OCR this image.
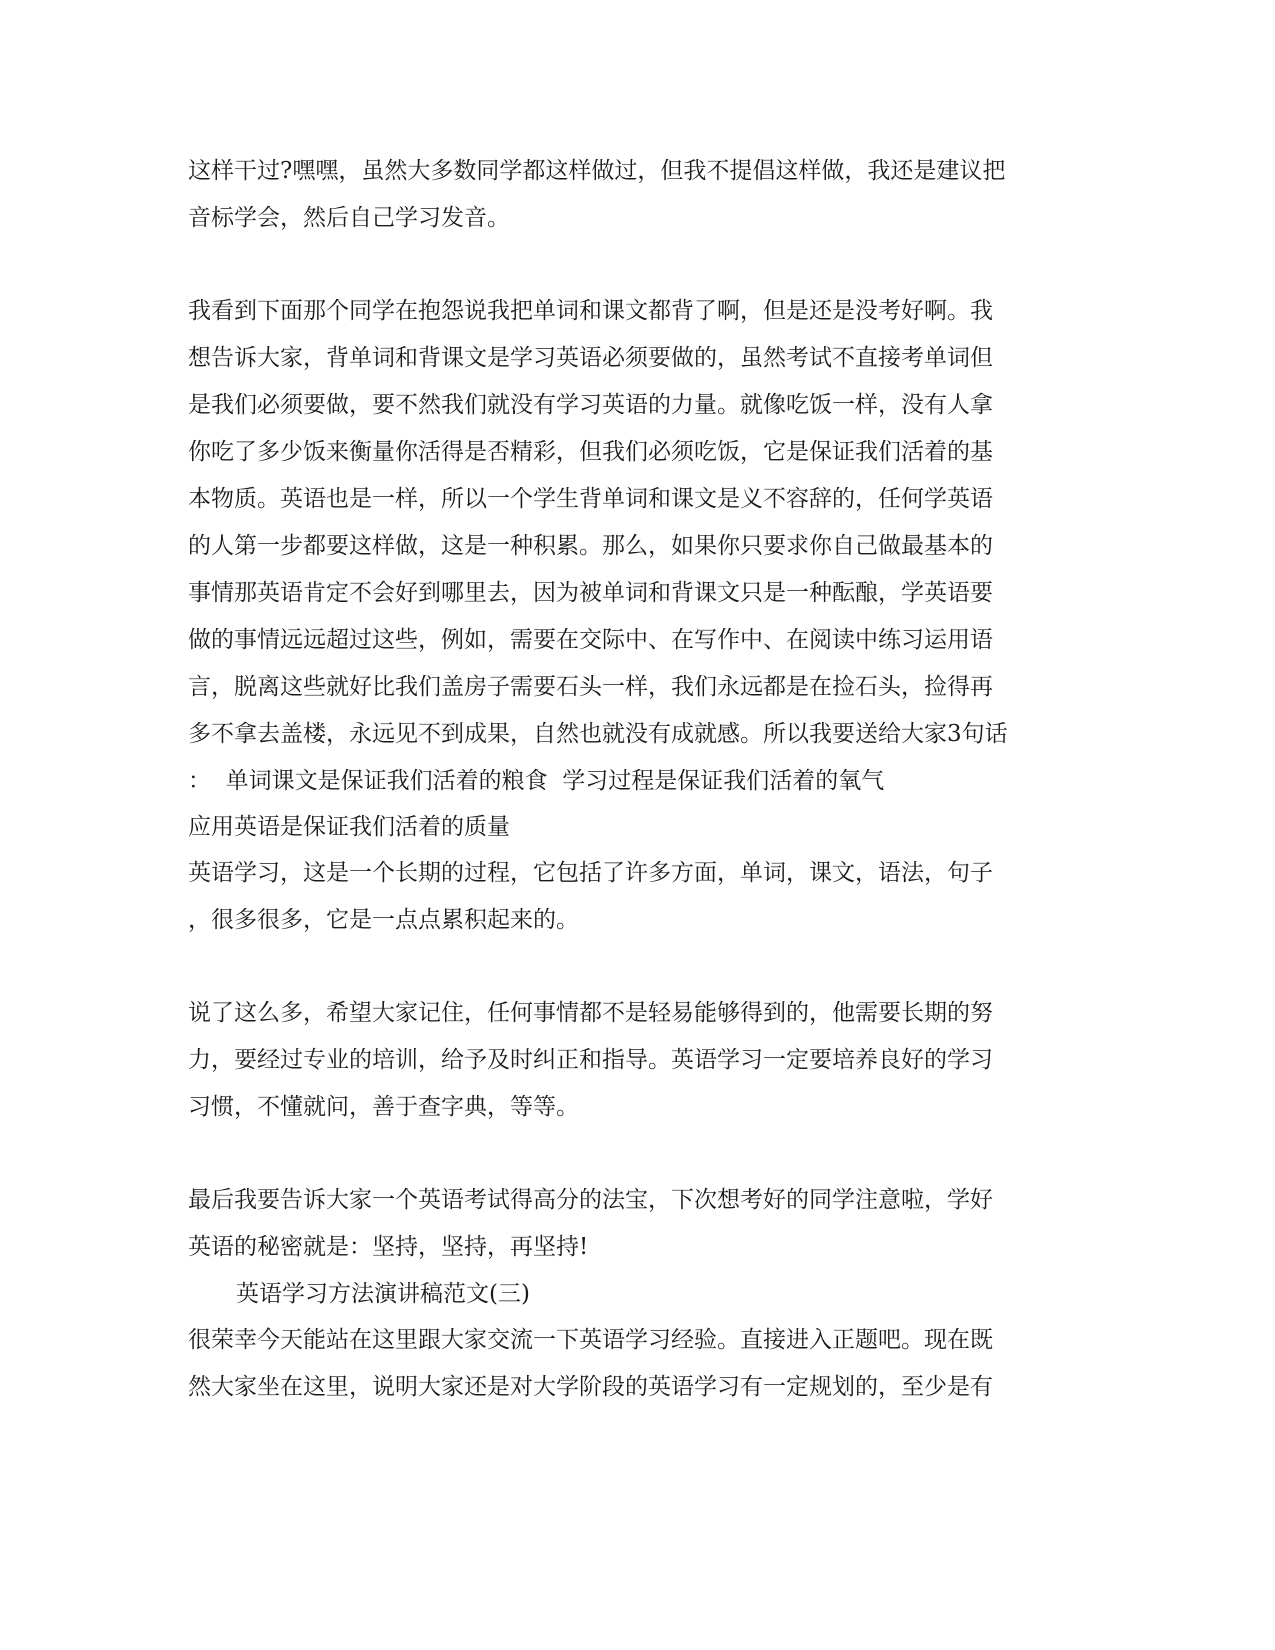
这样干过?嘿嘿，虽然大多数同学都这样做过，但我不提倡这样做，我还是建议把
音标学会，然后自己学习发音。
我看到下面那个同学在抱怨说我把单词和课文都背了啊，但是还是没考好啊。我
想告诉大家，背单词和背课文是学习英语必须要做的，虽然考试不直接考单词但
是我们必须要做，要不然我们就没有学习英语的力量。就像吃饭一样，没有人拿
你吃了多少饭来衡量你活得是否精彩，但我们必须吃饭，它是保证我们活着的基
本物质。英语也是一样，所以一个学生背单词和课文是义不容辞的，任何学英语
的人第一步都要这样做，这是一种积累。那么，如果你只要求你自己做最基本的
事情那英语肯定不会好到哪里去，因为被单词和背课文只是一种酝酿，学英语要
做的事情远远超过这些，例如，需要在交际中、在写作中、在阅读中练习运用语
言，脱离这些就好比我们盖房子需要石头一样，我们永远都是在捡石头，捡得再
多不拿去盖楼，永远见不到成果，自然也就没有成就感。所以我要送给大家3句话
：  单词课文是保证我们活着的粮食  学习过程是保证我们活着的氧气
应用英语是保证我们活着的质量
英语学习，这是一个长期的过程，它包括了许多方面，单词，课文，语法，句子
，很多很多，它是一点点累积起来的。
说了这么多，希望大家记住，任何事情都不是轻易能够得到的，他需要长期的努
力，要经过专业的培训，给予及时纠正和指导。英语学习一定要培养良好的学习
习惯，不懂就问，善于查字典，等等。
最后我要告诉大家一个英语考试得高分的法宝，下次想考好的同学注意啦，学好
英语的秘密就是：坚持，坚持，再坚持!
英语学习方法演讲稿范文(三)
很荣幸今天能站在这里跟大家交流一下英语学习经验。直接进入正题吧。现在既
然大家坐在这里，说明大家还是对大学阶段的英语学习有一定规划的，至少是有
